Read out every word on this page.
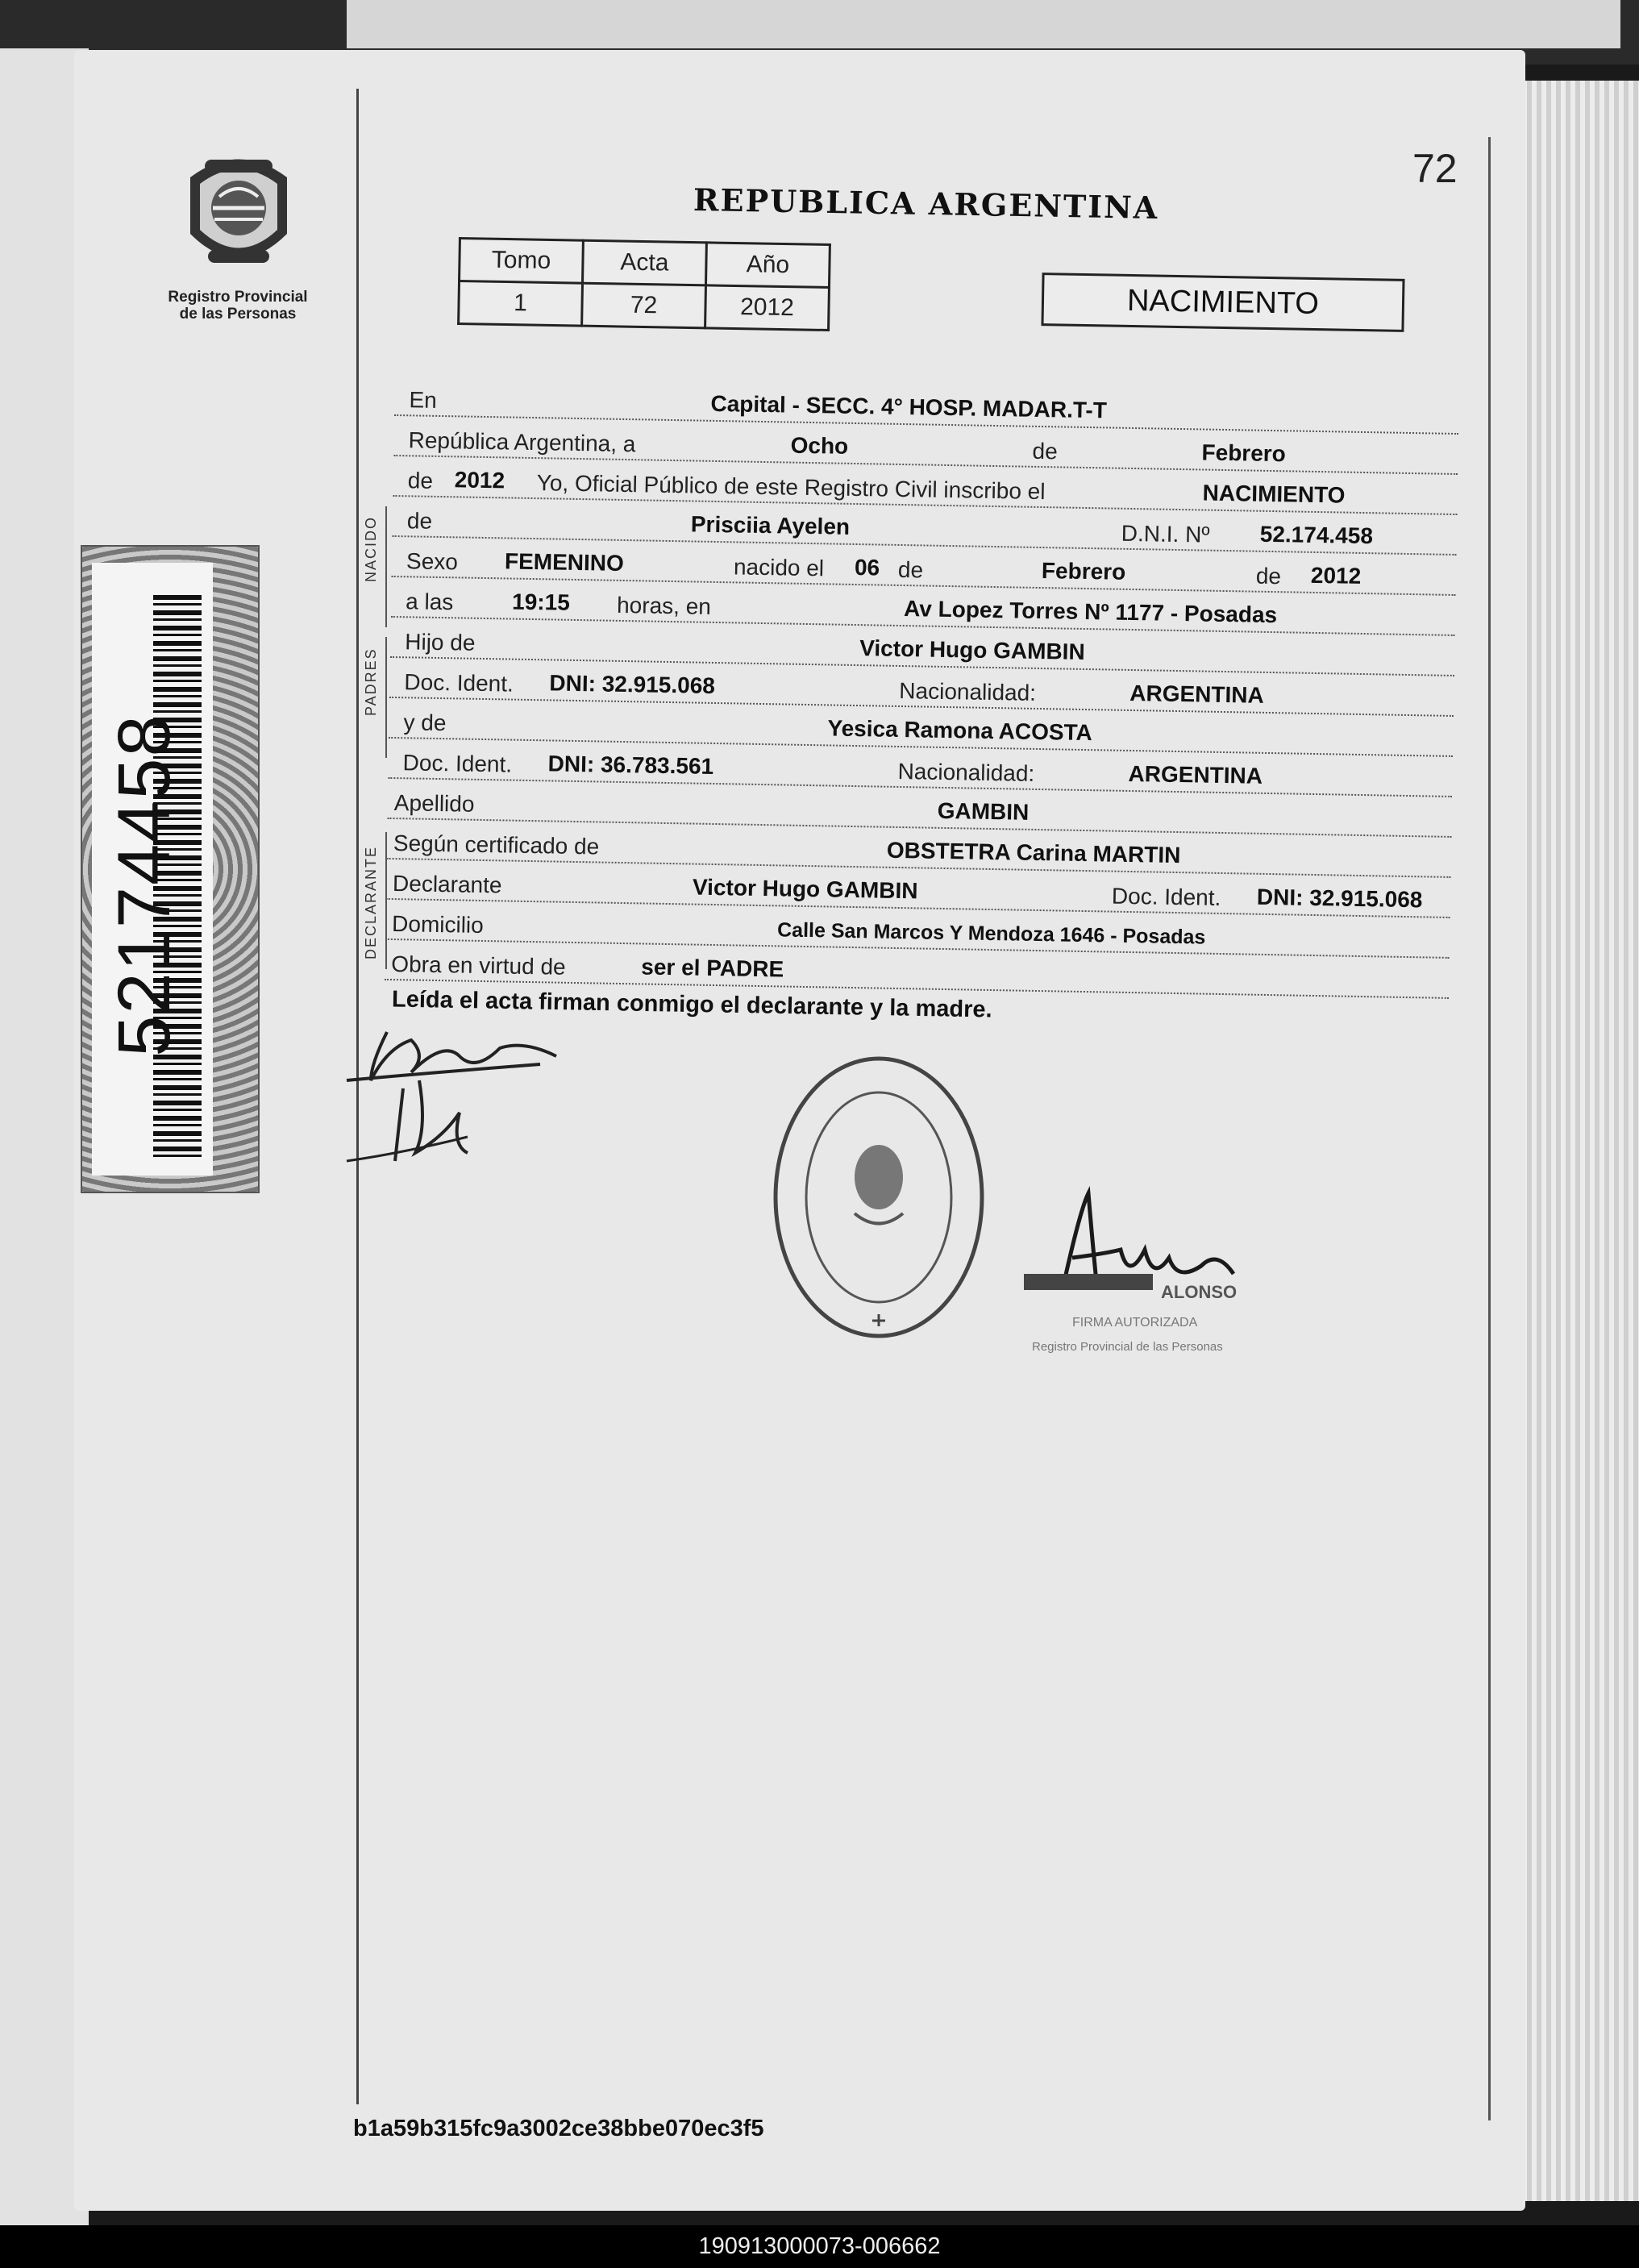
52174458
Registro Provincial
de las Personas
72
REPUBLICA ARGENTINA
Tomo	Acta	Año
1	72	2012	NACIMIENTO
En	Capital - SECC. 4° HOSP. MADAR.T-T
República Argentina, a	Ocho	de	Febrero
de 2012 Yo, Oficial Público de este Registro Civil inscribo el	NACIMIENTO
de	Prisciia Ayelen	D.N.I. Nº 52.174.458
Sexo FEMENINO	nacido el 06 de	Febrero	de 2012
a las	19:15 horas, en	Av Lopez Torres Nº 1177 - Posadas
Hijo de	Victor Hugo GAMBIN
Doc. Ident. DNI: 32.915.068	Nacionalidad:	ARGENTINA
y de	Yesica Ramona ACOSTA
Doc. Ident. DNI: 36.783.561	Nacionalidad:	ARGENTINA
Apellido	GAMBIN
Según certificado de	OBSTETRA Carina MARTIN
Declarante	Victor Hugo GAMBIN	Doc. Ident. DNI: 32.915.068
Domicilio	Calle San Marcos Y Mendoza 1646 - Posadas
Obra en virtud de	ser el PADRE
NACIDO
PADRES
DECLARANTE
Leída el acta firman conmigo el declarante y la madre.
ALONSO
FIRMA AUTORIZADA
Registro Provincial de las Personas
b1a59b315fc9a3002ce38bbe070ec3f5
190913000073-006662
